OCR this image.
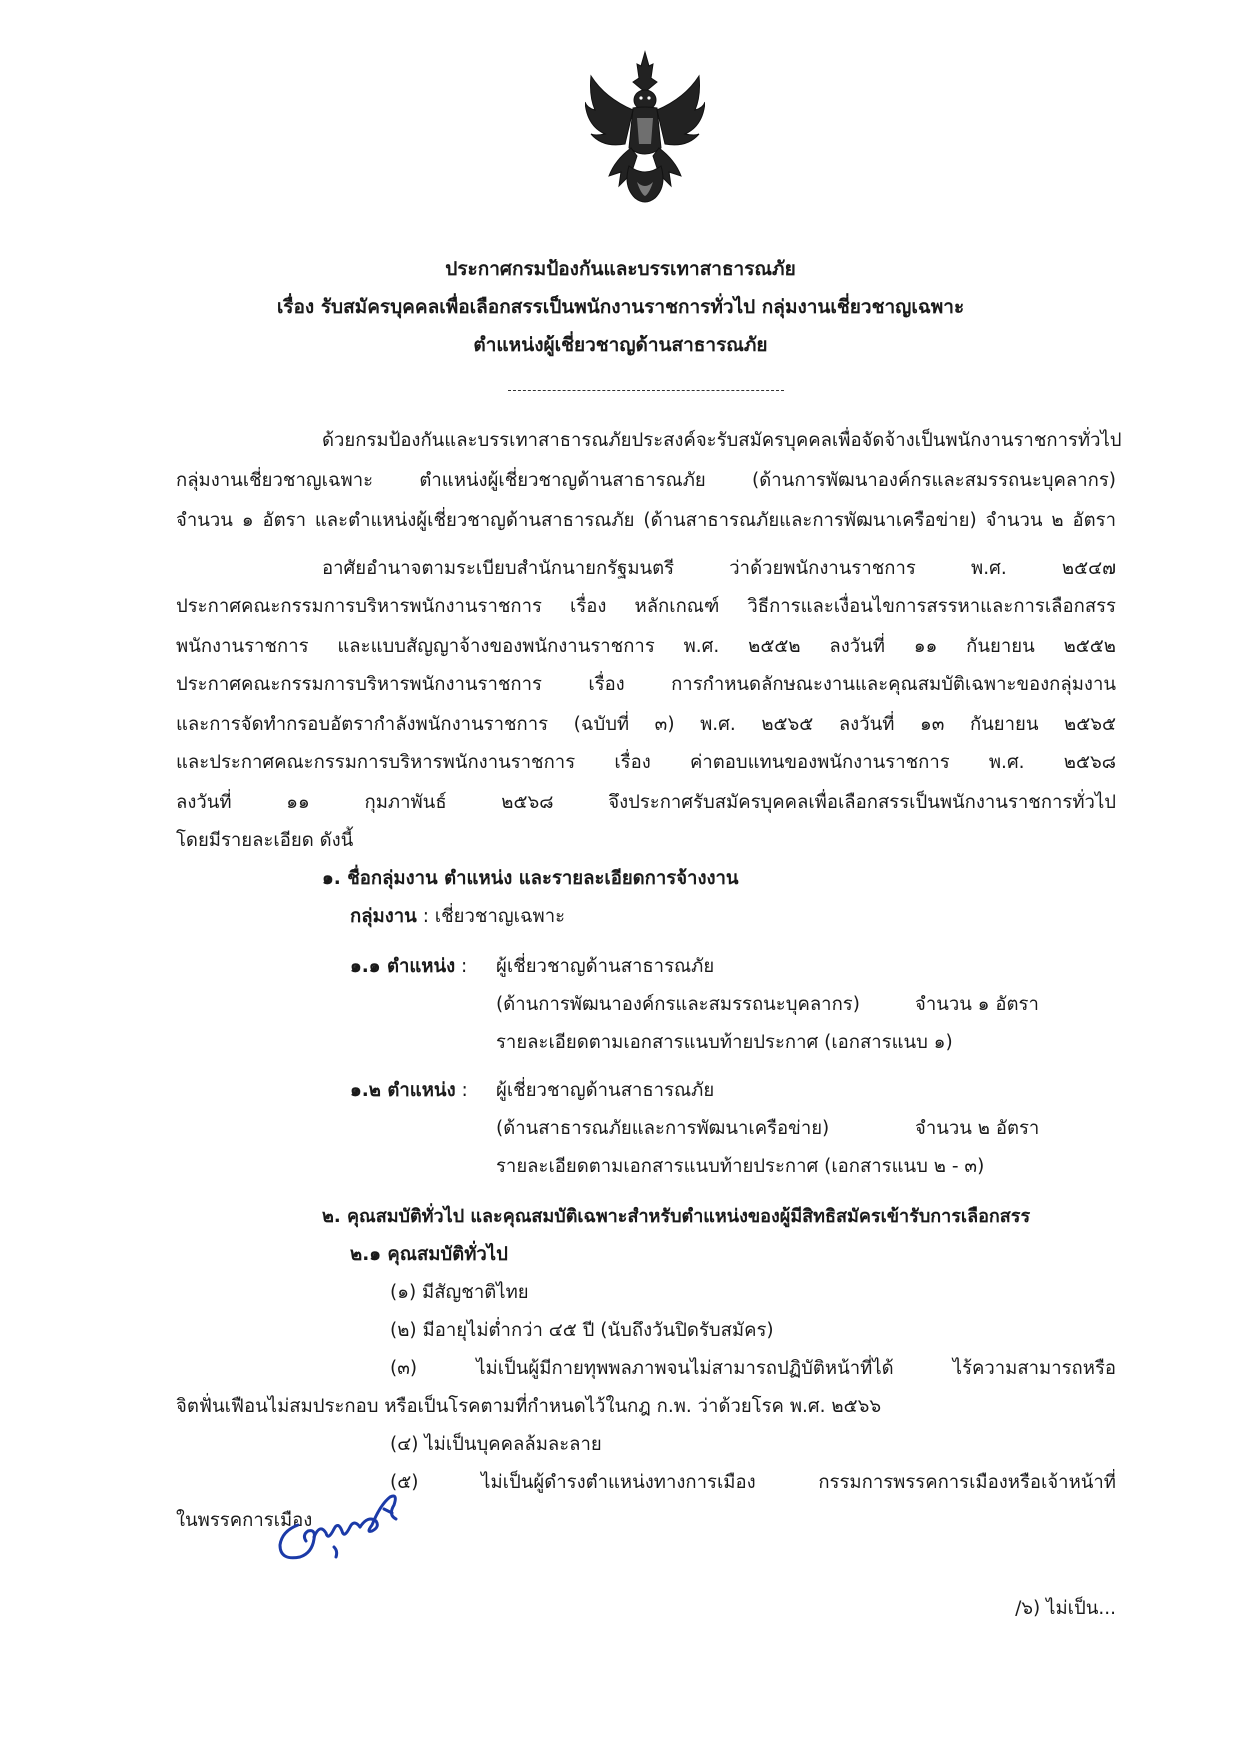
ประกาศกรมป้องกันและบรรเทาสาธารณภัย
เรื่อง รับสมัครบุคคลเพื่อเลือกสรรเป็นพนักงานราชการทั่วไป กลุ่มงานเชี่ยวชาญเฉพาะ
ตำแหน่งผู้เชี่ยวชาญด้านสาธารณภัย
ด้วยกรมป้องกันและบรรเทาสาธารณภัยประสงค์จะรับสมัครบุคคลเพื่อจัดจ้างเป็นพนักงานราชการทั่วไป
กลุ่มงานเชี่ยวชาญเฉพาะ ตำแหน่งผู้เชี่ยวชาญด้านสาธารณภัย (ด้านการพัฒนาองค์กรและสมรรถนะบุคลากร)
จำนวน ๑ อัตรา และตำแหน่งผู้เชี่ยวชาญด้านสาธารณภัย (ด้านสาธารณภัยและการพัฒนาเครือข่าย) จำนวน ๒ อัตรา
อาศัยอำนาจตามระเบียบสำนักนายกรัฐมนตรี ว่าด้วยพนักงานราชการ พ.ศ. ๒๕๔๗
ประกาศคณะกรรมการบริหารพนักงานราชการ เรื่อง หลักเกณฑ์ วิธีการและเงื่อนไขการสรรหาและการเลือกสรร
พนักงานราชการ และแบบสัญญาจ้างของพนักงานราชการ พ.ศ. ๒๕๕๒ ลงวันที่ ๑๑ กันยายน ๒๕๕๒
ประกาศคณะกรรมการบริหารพนักงานราชการ เรื่อง การกำหนดลักษณะงานและคุณสมบัติเฉพาะของกลุ่มงาน
และการจัดทำกรอบอัตรากำลังพนักงานราชการ (ฉบับที่ ๓) พ.ศ. ๒๕๖๕ ลงวันที่ ๑๓ กันยายน ๒๕๖๕
และประกาศคณะกรรมการบริหารพนักงานราชการ เรื่อง ค่าตอบแทนของพนักงานราชการ พ.ศ. ๒๕๖๘
ลงวันที่ ๑๑ กุมภาพันธ์ ๒๕๖๘ จึงประกาศรับสมัครบุคคลเพื่อเลือกสรรเป็นพนักงานราชการทั่วไป
โดยมีรายละเอียด ดังนี้
๑. ชื่อกลุ่มงาน ตำแหน่ง และรายละเอียดการจ้างงาน
กลุ่มงาน : เชี่ยวชาญเฉพาะ
๑.๑ ตำแหน่ง : ผู้เชี่ยวชาญด้านสาธารณภัย
(ด้านการพัฒนาองค์กรและสมรรถนะบุคลากร)	จำนวน ๑ อัตรา
รายละเอียดตามเอกสารแนบท้ายประกาศ (เอกสารแนบ ๑)
๑.๒ ตำแหน่ง : ผู้เชี่ยวชาญด้านสาธารณภัย
(ด้านสาธารณภัยและการพัฒนาเครือข่าย)	จำนวน ๒ อัตรา
รายละเอียดตามเอกสารแนบท้ายประกาศ (เอกสารแนบ ๒ - ๓)
๒. คุณสมบัติทั่วไป และคุณสมบัติเฉพาะสำหรับตำแหน่งของผู้มีสิทธิสมัครเข้ารับการเลือกสรร
๒.๑ คุณสมบัติทั่วไป
(๑) มีสัญชาติไทย
(๒) มีอายุไม่ต่ำกว่า ๔๕ ปี (นับถึงวันปิดรับสมัคร)
(๓) ไม่เป็นผู้มีกายทุพพลภาพจนไม่สามารถปฏิบัติหน้าที่ได้ ไร้ความสามารถหรือ
จิตฟั่นเฟือนไม่สมประกอบ หรือเป็นโรคตามที่กำหนดไว้ในกฎ ก.พ. ว่าด้วยโรค พ.ศ. ๒๕๖๖
(๔) ไม่เป็นบุคคลล้มละลาย
(๕) ไม่เป็นผู้ดำรงตำแหน่งทางการเมือง กรรมการพรรคการเมืองหรือเจ้าหน้าที่
ในพรรคการเมือง
/๖) ไม่เป็น...
